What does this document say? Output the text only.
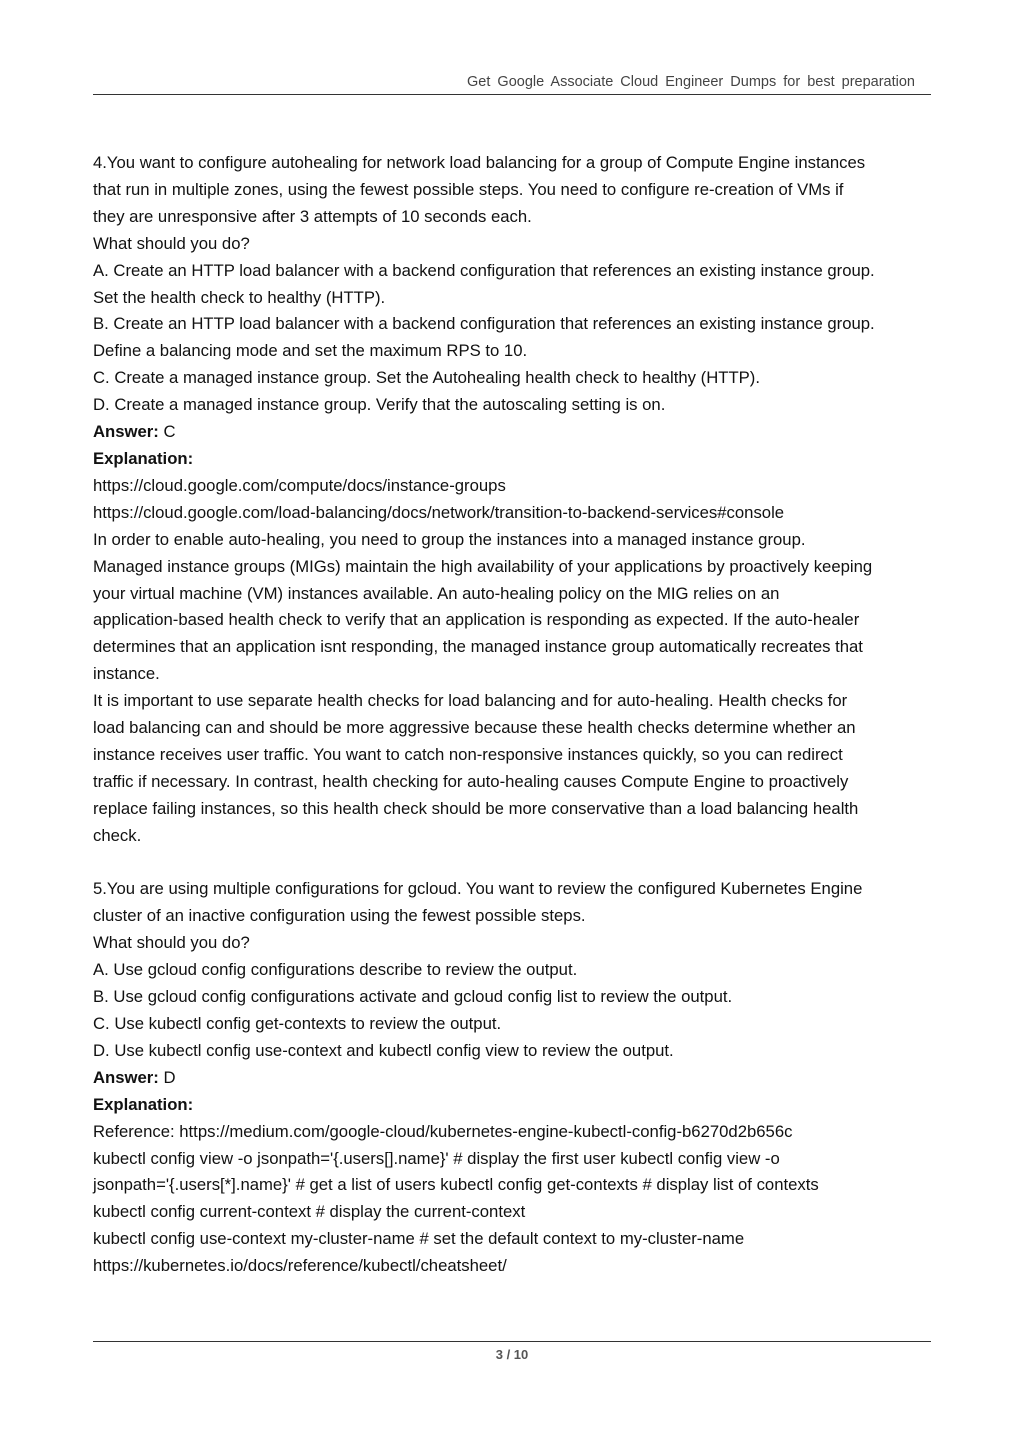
Get Google Associate Cloud Engineer Dumps for best preparation

4.You want to configure autohealing for network load balancing for a group of Compute Engine instances

that run in multiple zones, using the fewest possible steps. You need to configure re-creation of VMs if

they are unresponsive after 3 attempts of 10 seconds each.

What should you do?

A. Create an HTTP load balancer with a backend configuration that references an existing instance group.

Set the health check to healthy (HTTP).

B. Create an HTTP load balancer with a backend configuration that references an existing instance group.

Define a balancing mode and set the maximum RPS to 10.

C. Create a managed instance group. Set the Autohealing health check to healthy (HTTP).

D. Create a managed instance group. Verify that the autoscaling setting is on.

Answer: C

Explanation:

https://cloud.google.com/compute/docs/instance-groups

https://cloud.google.com/load-balancing/docs/network/transition-to-backend-services#console

In order to enable auto-healing, you need to group the instances into a managed instance group.

Managed instance groups (MIGs) maintain the high availability of your applications by proactively keeping

your virtual machine (VM) instances available. An auto-healing policy on the MIG relies on an

application-based health check to verify that an application is responding as expected. If the auto-healer

determines that an application isnt responding, the managed instance group automatically recreates that

instance.

It is important to use separate health checks for load balancing and for auto-healing. Health checks for

load balancing can and should be more aggressive because these health checks determine whether an

instance receives user traffic. You want to catch non-responsive instances quickly, so you can redirect

traffic if necessary. In contrast, health checking for auto-healing causes Compute Engine to proactively

replace failing instances, so this health check should be more conservative than a load balancing health

check.

5.You are using multiple configurations for gcloud. You want to review the configured Kubernetes Engine

cluster of an inactive configuration using the fewest possible steps.

What should you do?

A. Use gcloud config configurations describe to review the output.

B. Use gcloud config configurations activate and gcloud config list to review the output.

C. Use kubectl config get-contexts to review the output.

D. Use kubectl config use-context and kubectl config view to review the output.

Answer: D

Explanation:

Reference: https://medium.com/google-cloud/kubernetes-engine-kubectl-config-b6270d2b656c

kubectl config view -o jsonpath='{.users[].name}' # display the first user kubectl config view -o

jsonpath='{.users[*].name}' # get a list of users kubectl config get-contexts # display list of contexts

kubectl config current-context # display the current-context

kubectl config use-context my-cluster-name # set the default context to my-cluster-name

https://kubernetes.io/docs/reference/kubectl/cheatsheet/

3 / 10
